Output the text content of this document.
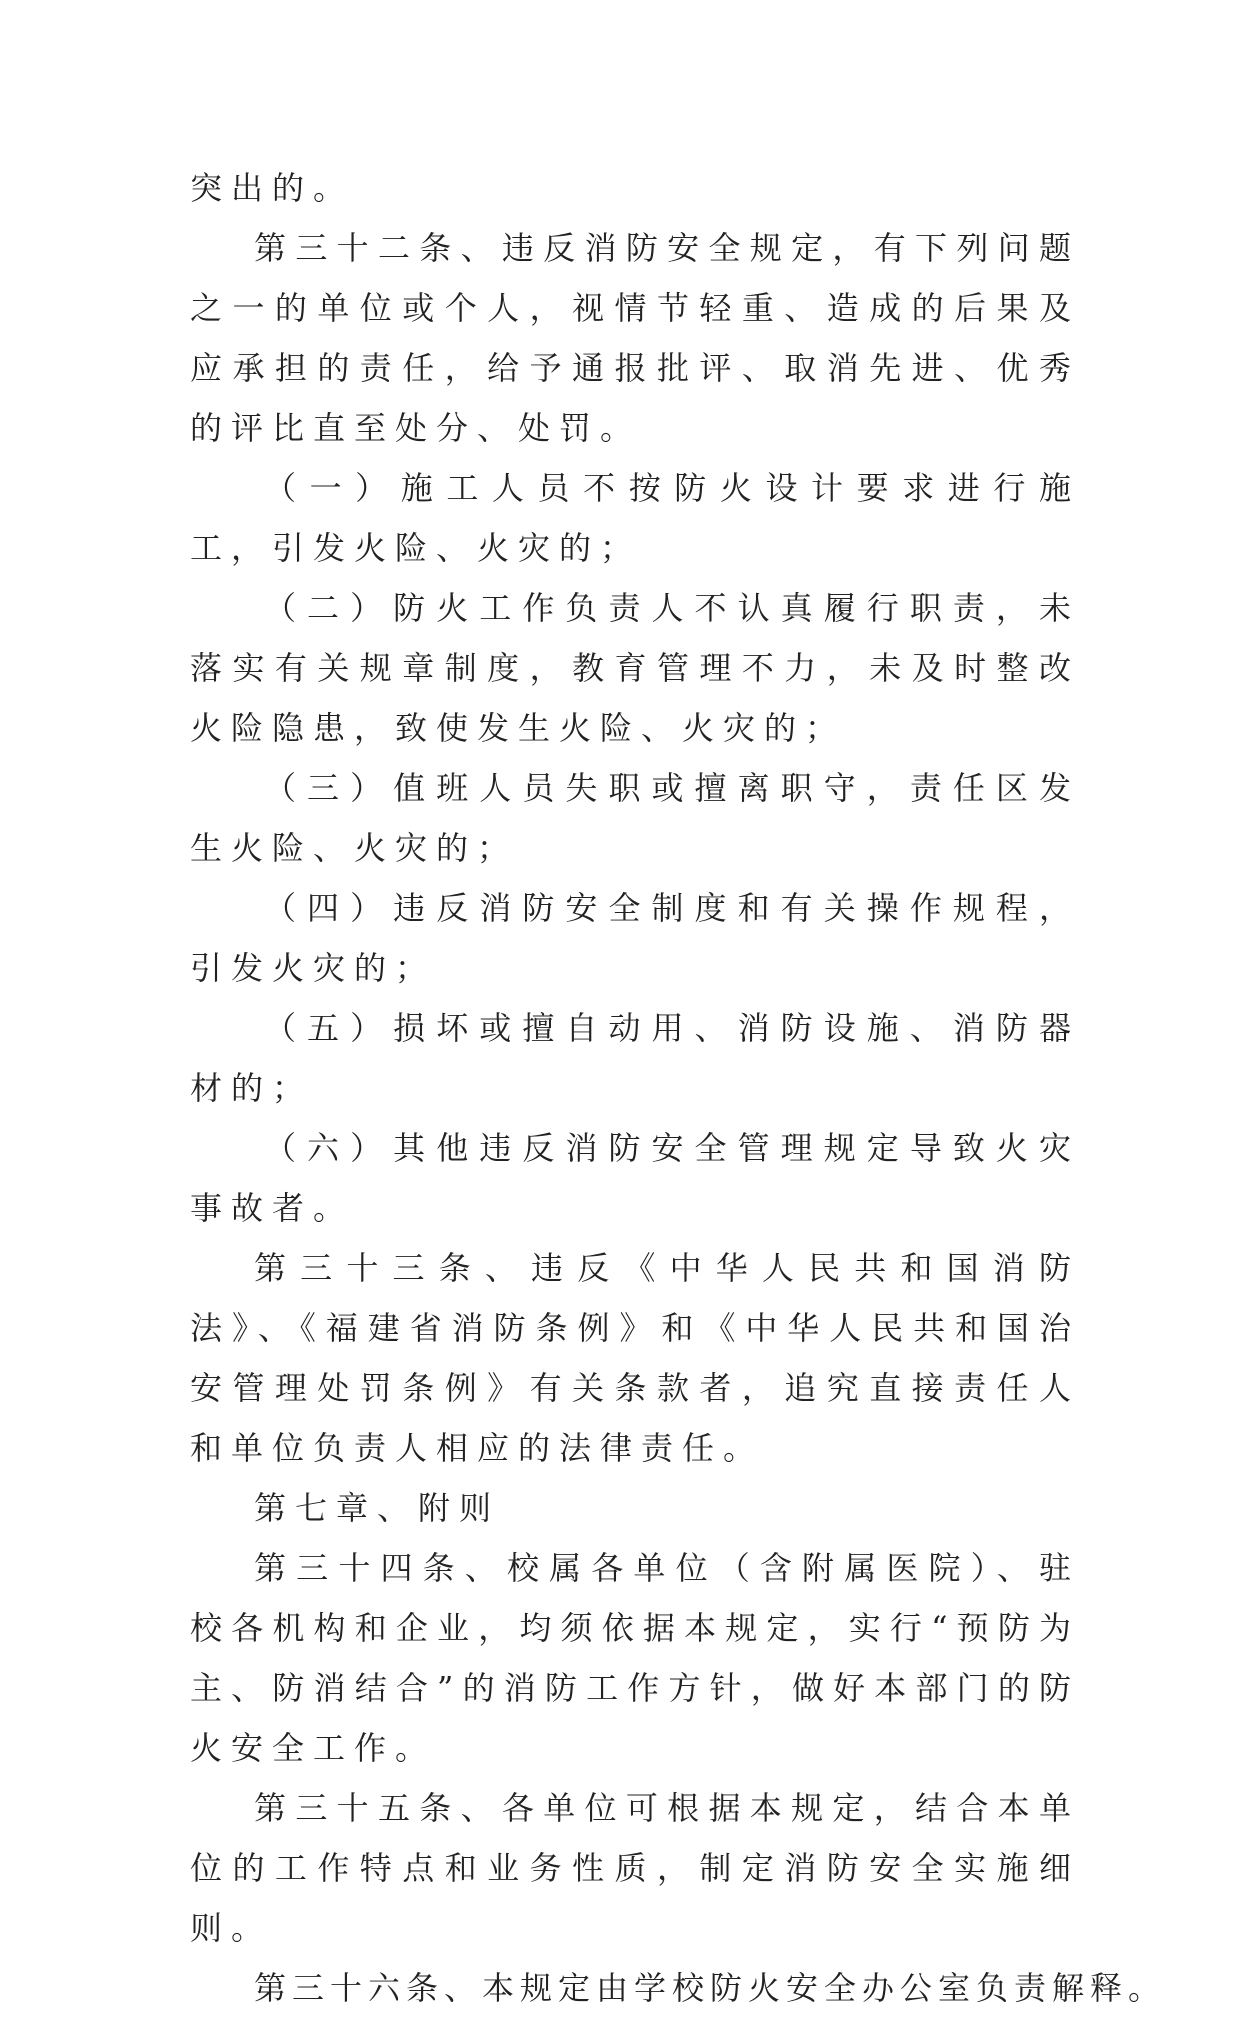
突出的。

第三十二条、违反消防安全规定，有下列问题之一的单位或个人，视情节轻重、造成的后果及应承担的责任，给予通报批评、取消先进、优秀的评比直至处分、处罚。

（一）施工人员不按防火设计要求进行施工，引发火险、火灾的；

（二）防火工作负责人不认真履行职责，未落实有关规章制度，教育管理不力，未及时整改火险隐患，致使发生火险、火灾的；

（三）值班人员失职或擅离职守，责任区发生火险、火灾的；

（四）违反消防安全制度和有关操作规程，引发火灾的；

（五）损坏或擅自动用、消防设施、消防器材的；

（六）其他违反消防安全管理规定导致火灾事故者。

第三十三条、违反《中华人民共和国消防法》、《福建省消防条例》和《中华人民共和国治安管理处罚条例》有关条款者，追究直接责任人和单位负责人相应的法律责任。

第七章、附则

第三十四条、校属各单位（含附属医院）、驻校各机构和企业，均须依据本规定，实行“预防为主、防消结合”的消防工作方针，做好本部门的防火安全工作。

第三十五条、各单位可根据本规定，结合本单位的工作特点和业务性质，制定消防安全实施细则。

第三十六条、本规定由学校防火安全办公室负责解释。
